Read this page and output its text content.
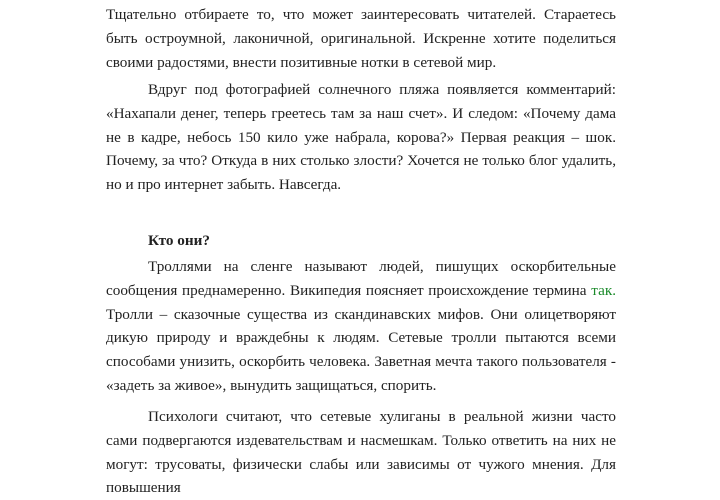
Тщательно отбираете то, что может заинтересовать читателей. Стараетесь быть остроумной, лаконичной, оригинальной. Искренне хотите поделиться своими радостями, внести позитивные нотки в сетевой мир.

Вдруг под фотографией солнечного пляжа появляется комментарий: «Нахапали денег, теперь греетесь там за наш счет». И следом: «Почему дама не в кадре, небось 150 кило уже набрала, корова?» Первая реакция – шок. Почему, за что? Откуда в них столько злости? Хочется не только блог удалить, но и про интернет забыть. Навсегда.

Кто они?

Троллями на сленге называют людей, пишущих оскорбительные сообщения преднамеренно. Википедия поясняет происхождение термина так. Тролли – сказочные существа из скандинавских мифов. Они олицетворяют дикую природу и враждебны к людям. Сетевые тролли пытаются всеми способами унизить, оскорбить человека. Заветная мечта такого пользователя - «задеть за живое», вынудить защищаться, спорить.

Психологи считают, что сетевые хулиганы в реальной жизни часто сами подвергаются издевательствам и насмешкам. Только ответить на них не могут: трусоваты, физически слабы или зависимы от чужого мнения. Для повышения
